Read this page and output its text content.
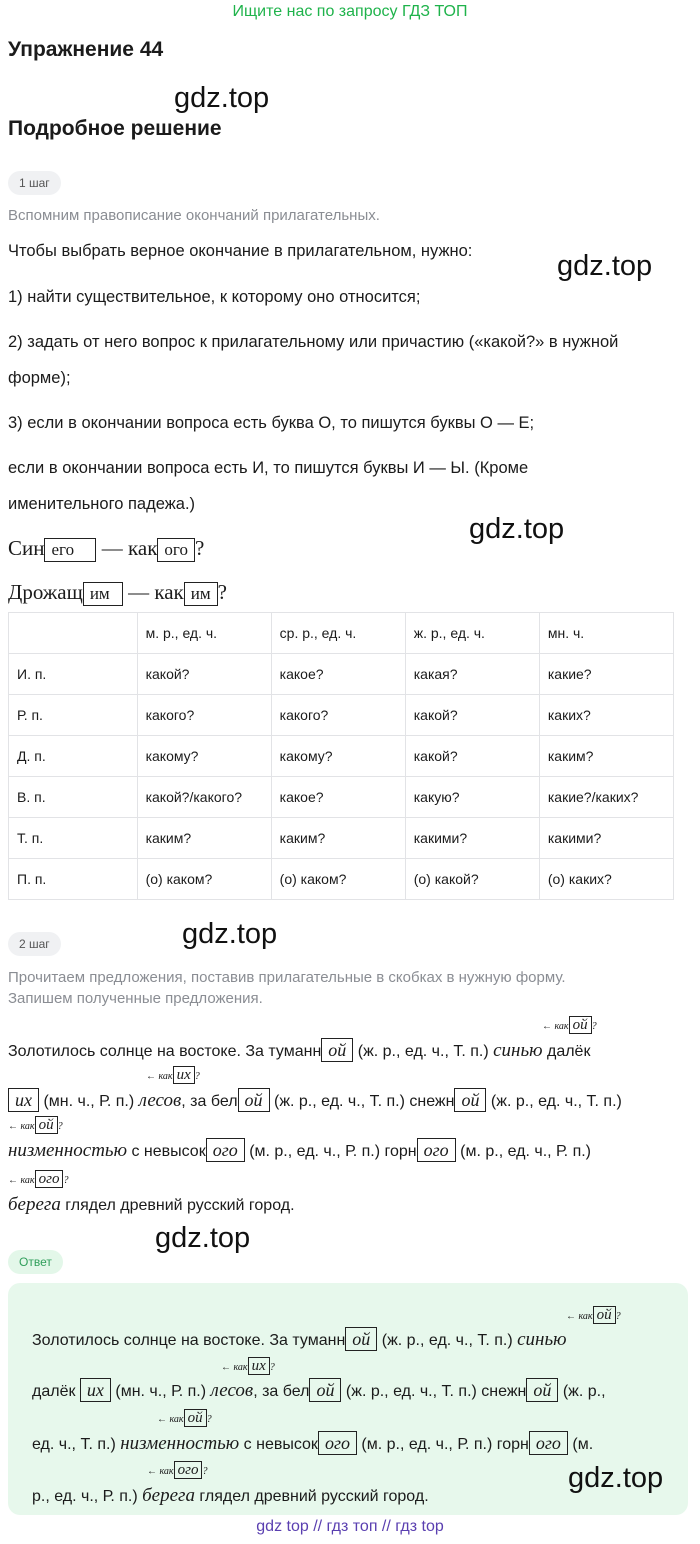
Ищите нас по запросу ГДЗ ТОП
Упражнение 44
gdz.top
Подробное решение
1 шаг
Вспомним правописание окончаний прилагательных.
Чтобы выбрать верное окончание в прилагательном, нужно:	gdz.top
1) найти существительное, к которому оно относится;
2) задать от него вопрос к прилагательному или причастию («какой?» в нужной форме);
3) если в окончании вопроса есть буква О, то пишутся буквы О — Е;
если в окончании вопроса есть И, то пишутся буквы И — Ы. (Кроме именительного падежа.)
gdz.top
Син его — как ого ?
Дрожащ им — как им ?
	м. р., ед. ч.	ср. р., ед. ч.	ж. р., ед. ч.	мн. ч.
И. п.	какой?	какое?	какая?	какие?
Р. п.	какого?	какого?	какой?	каких?
Д. п.	какому?	какому?	какой?	каким?
В. п.	какой?/какого?	какое?	какую?	какие?/каких?
Т. п.	каким?	каким?	какими?	какими?
П. п.	(о) каком?	(о) каком?	(о) какой?	(о) каких?
2 шаг	gdz.top
Прочитаем предложения, поставив прилагательные в скобках в нужную форму.
Запишем полученные предложения.
Золотилось солнце на востоке. За туманн ой (ж. р., ед. ч., Т. п.) синью далёк
← как ой ?
их (мн. ч., Р. п.) лесов, за бел ой (ж. р., ед. ч., Т. п.) снежн ой (ж. р., ед. ч., Т. п.)
← как их ?
низменностью с невысок ого (м. р., ед. ч., Р. п.) горн ого (м. р., ед. ч., Р. п.)
← как ой ?
берега глядел древний русский город.
← как ого ?
gdz.top
Ответ
Золотилось солнце на востоке. За туманн ой (ж. р., ед. ч., Т. п.) синью
← как ой ?
далёк их (мн. ч., Р. п.) лесов, за бел ой (ж. р., ед. ч., Т. п.) снежн ой (ж. р.,
← как их ?
ед. ч., Т. п.) низменностью с невысок ого (м. р., ед. ч., Р. п.) горн ого (м.
← как ой ?
р., ед. ч., Р. п.) берега глядел древний русский город.
← как ого ?	gdz.top
gdz top // гдз топ // гдз top
